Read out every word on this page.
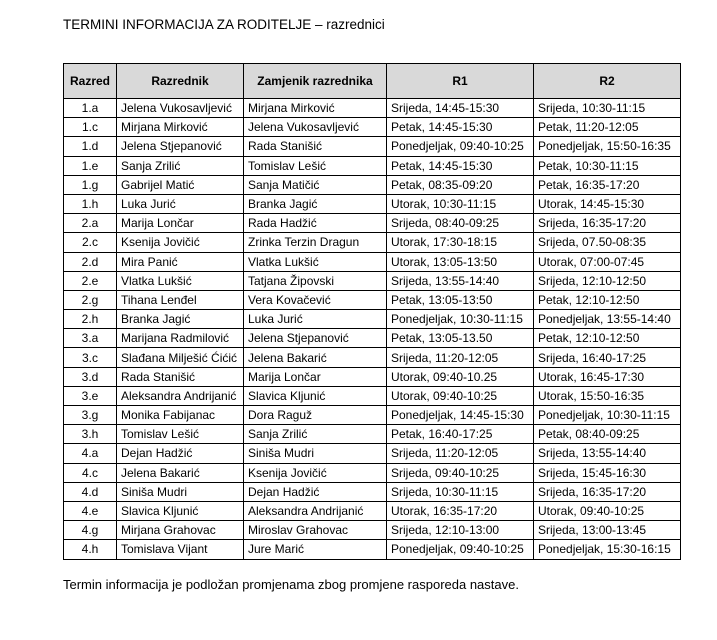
TERMINI INFORMACIJA ZA RODITELJE – razrednici
Razred	Razrednik	Zamjenik razrednika	R1	R2
1.a	Jelena Vukosavljević	Mirjana Mirković	Srijeda, 14:45-15:30	Srijeda, 10:30-11:15
1.c	Mirjana Mirković	Jelena Vukosavljević	Petak, 14:45-15:30	Petak, 11:20-12:05
1.d	Jelena Stjepanović	Rada Stanišić	Ponedjeljak, 09:40-10:25	Ponedjeljak, 15:50-16:35
1.e	Sanja Zrilić	Tomislav Lešić	Petak, 14:45-15:30	Petak, 10:30-11:15
1.g	Gabrijel Matić	Sanja Matičić	Petak, 08:35-09:20	Petak, 16:35-17:20
1.h	Luka Jurić	Branka Jagić	Utorak, 10:30-11:15	Utorak, 14:45-15:30
2.a	Marija Lončar	Rada Hadžić	Srijeda, 08:40-09:25	Srijeda, 16:35-17:20
2.c	Ksenija Jovičić	Zrinka Terzin Dragun	Utorak, 17:30-18:15	Srijeda, 07.50-08:35
2.d	Mira Panić	Vlatka Lukšić	Utorak, 13:05-13:50	Utorak, 07:00-07:45
2.e	Vlatka Lukšić	Tatjana Žipovski	Srijeda, 13:55-14:40	Srijeda, 12:10-12:50
2.g	Tihana Lenđel	Vera Kovačević	Petak, 13:05-13:50	Petak, 12:10-12:50
2.h	Branka Jagić	Luka Jurić	Ponedjeljak, 10:30-11:15	Ponedjeljak, 13:55-14:40
3.a	Marijana Radmilović	Jelena Stjepanović	Petak, 13:05-13.50	Petak, 12:10-12:50
3.c	Slađana Milješić Ćićić	Jelena Bakarić	Srijeda, 11:20-12:05	Srijeda, 16:40-17:25
3.d	Rada Stanišić	Marija Lončar	Utorak, 09:40-10.25	Utorak, 16:45-17:30
3.e	Aleksandra Andrijanić	Slavica Kljunić	Utorak, 09:40-10:25	Utorak, 15:50-16:35
3.g	Monika Fabijanac	Dora Raguž	Ponedjeljak, 14:45-15:30	Ponedjeljak, 10:30-11:15
3.h	Tomislav Lešić	Sanja Zrilić	Petak, 16:40-17:25	Petak, 08:40-09:25
4.a	Dejan Hadžić	Siniša Mudri	Srijeda, 11:20-12:05	Srijeda, 13:55-14:40
4.c	Jelena Bakarić	Ksenija Jovičić	Srijeda, 09:40-10:25	Srijeda, 15:45-16:30
4.d	Siniša Mudri	Dejan Hadžić	Srijeda, 10:30-11:15	Srijeda, 16:35-17:20
4.e	Slavica Kljunić	Aleksandra Andrijanić	Utorak, 16:35-17:20	Utorak, 09:40-10:25
4.g	Mirjana Grahovac	Miroslav Grahovac	Srijeda, 12:10-13:00	Srijeda, 13:00-13:45
4.h	Tomislava Vijant	Jure Marić	Ponedjeljak, 09:40-10:25	Ponedjeljak, 15:30-16:15
Termin informacija je podložan promjenama zbog promjene rasporeda nastave.
